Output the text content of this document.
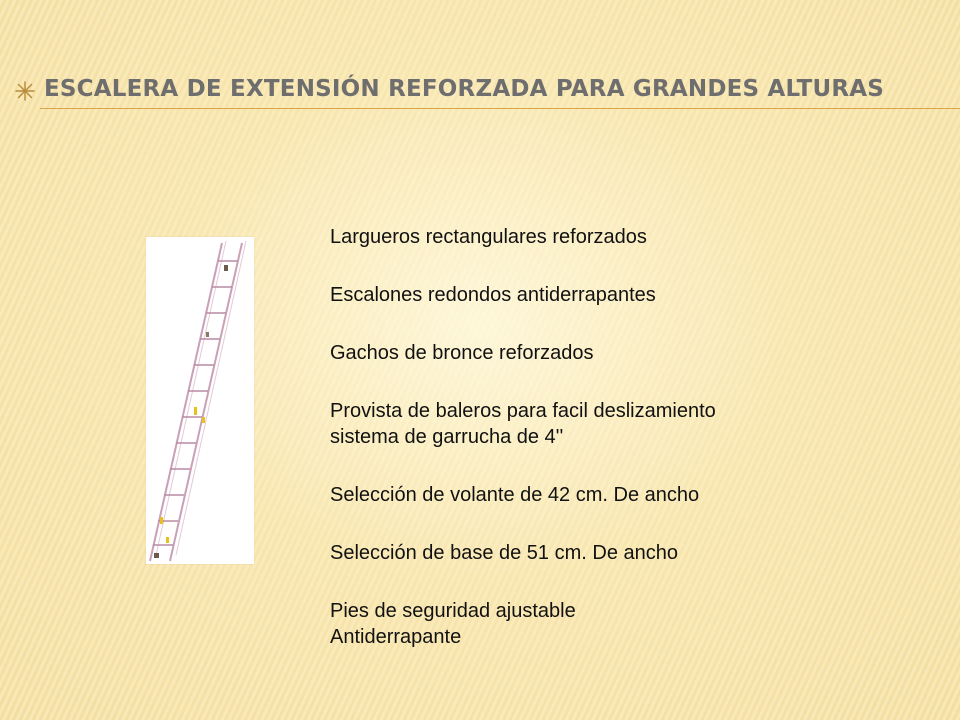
ESCALERA DE EXTENSIÓN REFORZADA PARA GRANDES ALTURAS
Largueros rectangulares reforzados
Escalones redondos antiderrapantes
Gachos de bronce reforzados
Provista de baleros para facil deslizamiento
sistema de garrucha de 4''
Selección de volante de 42 cm. De ancho
Selección de base de 51 cm. De ancho
Pies de seguridad ajustable
Antiderrapante
